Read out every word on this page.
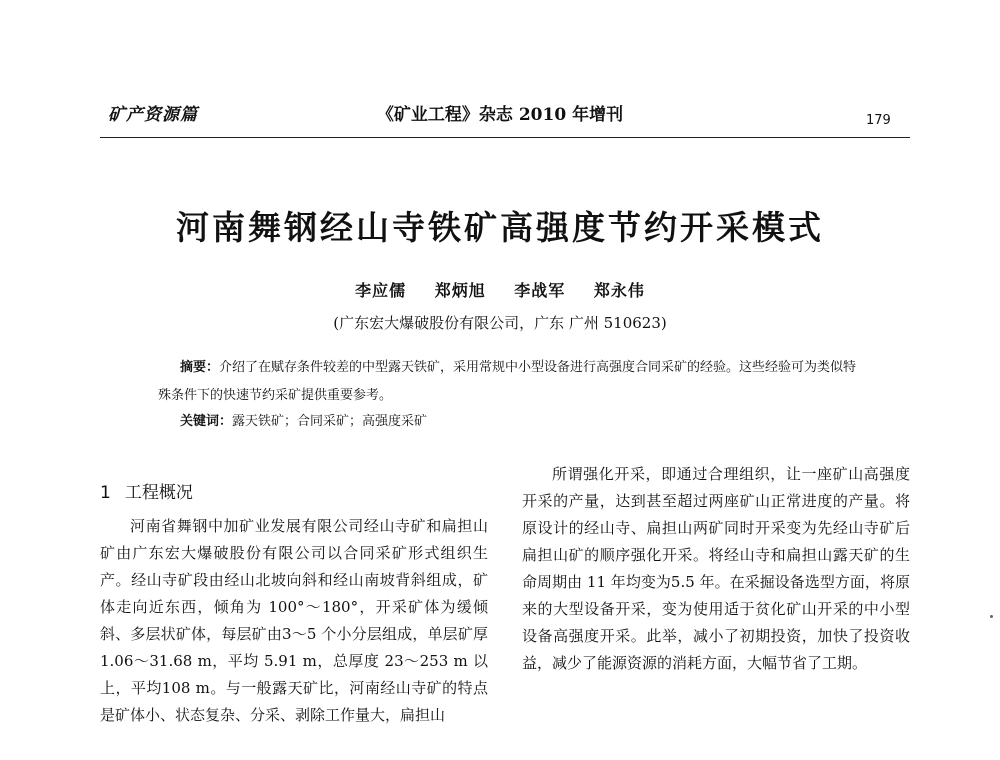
矿产资源篇	《矿业工程》杂志 2010 年增刊	179
河南舞钢经山寺铁矿高强度节约开采模式
李应儒 郑炳旭 李战军 郑永伟
(广东宏大爆破股份有限公司，广东 广州 510623)
摘要：介绍了在赋存条件较差的中型露天铁矿，采用常规中小型设备进行高强度合同采矿的经验。这些经验可为类似特殊条件下的快速节约采矿提供重要参考。
关键词：露天铁矿；合同采矿；高强度采矿
1 工程概况
河南省舞钢中加矿业发展有限公司经山寺矿和扁担山矿由广东宏大爆破股份有限公司以合同采矿形式组织生产。经山寺矿段由经山北坡向斜和经山南坡背斜组成，矿体走向近东西，倾角为 100°～180°，开采矿体为缓倾斜、多层状矿体，每层矿由3～5 个小分层组成，单层矿厚 1.06～31.68 m，平均 5.91 m，总厚度 23～253 m 以上，平均108 m。与一般露天矿比，河南经山寺矿的特点是矿体小、状态复杂、分采、剥除工作量大，扁担山
所谓强化开采，即通过合理组织，让一座矿山高强度开采的产量，达到甚至超过两座矿山正常进度的产量。将原设计的经山寺、扁担山两矿同时开采变为先经山寺矿后扁担山矿的顺序强化开采。将经山寺和扁担山露天矿的生命周期由 11 年均变为5.5 年。在采掘设备选型方面，将原来的大型设备开采，变为使用适于贫化矿山开采的中小型设备高强度开采。此举，减小了初期投资，加快了投资收益，减少了能源资源的消耗方面，大幅节省了工期。
